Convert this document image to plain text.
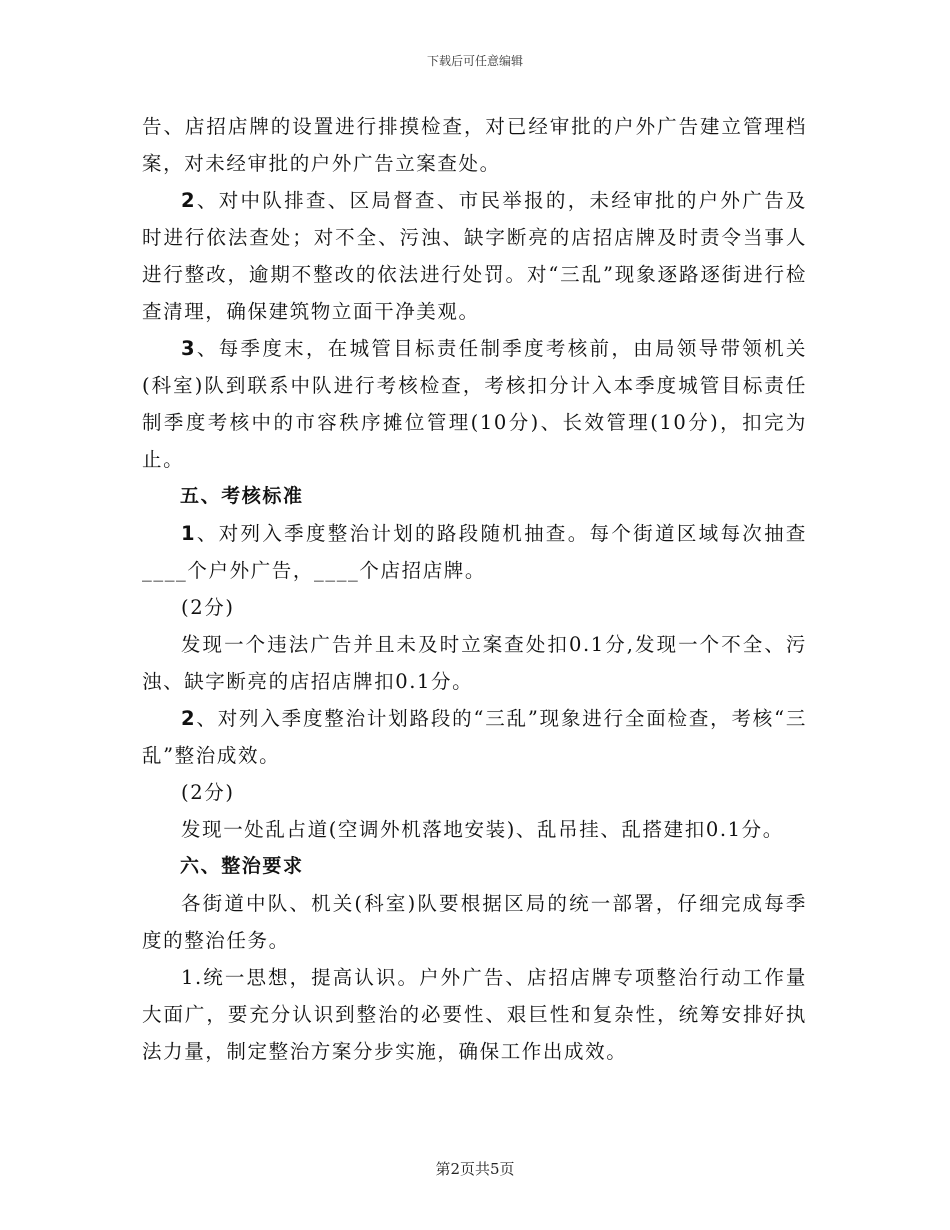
下载后可任意编辑

告、店招店牌的设置进行排摸检查，对已经审批的户外广告建立管理档案，对未经审批的户外广告立案查处。

2、对中队排查、区局督查、市民举报的，未经审批的户外广告及时进行依法查处；对不全、污浊、缺字断亮的店招店牌及时责令当事人进行整改，逾期不整改的依法进行处罚。对“三乱”现象逐路逐街进行检查清理，确保建筑物立面干净美观。

3、每季度末，在城管目标责任制季度考核前，由局领导带领机关(科室)队到联系中队进行考核检查，考核扣分计入本季度城管目标责任制季度考核中的市容秩序摊位管理(10分)、长效管理(10分)，扣完为止。

五、考核标准

1、对列入季度整治计划的路段随机抽查。每个街道区域每次抽查____个户外广告，____个店招店牌。

(2分)

发现一个违法广告并且未及时立案查处扣0.1分,发现一个不全、污浊、缺字断亮的店招店牌扣0.1分。

2、对列入季度整治计划路段的“三乱”现象进行全面检查，考核“三乱”整治成效。

(2分)

发现一处乱占道(空调外机落地安装)、乱吊挂、乱搭建扣0.1分。

六、整治要求

各街道中队、机关(科室)队要根据区局的统一部署，仔细完成每季度的整治任务。

1.统一思想，提高认识。户外广告、店招店牌专项整治行动工作量大面广，要充分认识到整治的必要性、艰巨性和复杂性，统筹安排好执法力量，制定整治方案分步实施，确保工作出成效。

第2页共5页
